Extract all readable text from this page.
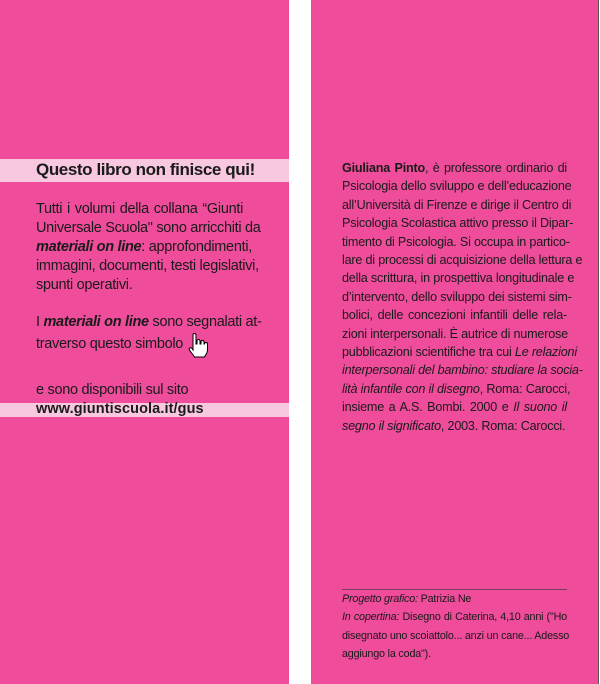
Questo libro non finisce qui!
Tutti i volumi della collana “Giunti
Universale Scuola" sono arricchiti da
materiali on line: approfondimenti,
immagini, documenti, testi legislativi,
spunti operativi.
I materiali on line sono segnalati at-
traverso questo simbolo
e sono disponibili sul sito
www.giuntiscuola.it/gus
Giuliana Pinto, è professore ordinario di
Psicologia dello sviluppo e dell’educazione
all’Università di Firenze e dirige il Centro di
Psicologia Scolastica attivo presso il Dipar-
timento di Psicologia. Si occupa in partico-
lare di processi di acquisizione della lettura e
della scrittura, in prospettiva longitudinale e
d’intervento, dello sviluppo dei sistemi sim-
bolici, delle concezioni infantili delle rela-
zioni interpersonali. È autrice di numerose
pubblicazioni scientifiche tra cui Le relazioni
interpersonali del bambino: studiare la socia-
lità infantile con il disegno, Roma: Carocci,
insieme a A.S. Bombi. 2000 e Il suono il
segno il significato, 2003. Roma: Carocci.
Progetto grafico: Patrizia Ne
In copertina: Disegno di Caterina, 4,10 anni ("Ho
disegnato uno scoiattolo... anzi un cane... Adesso
aggiungo la coda").
